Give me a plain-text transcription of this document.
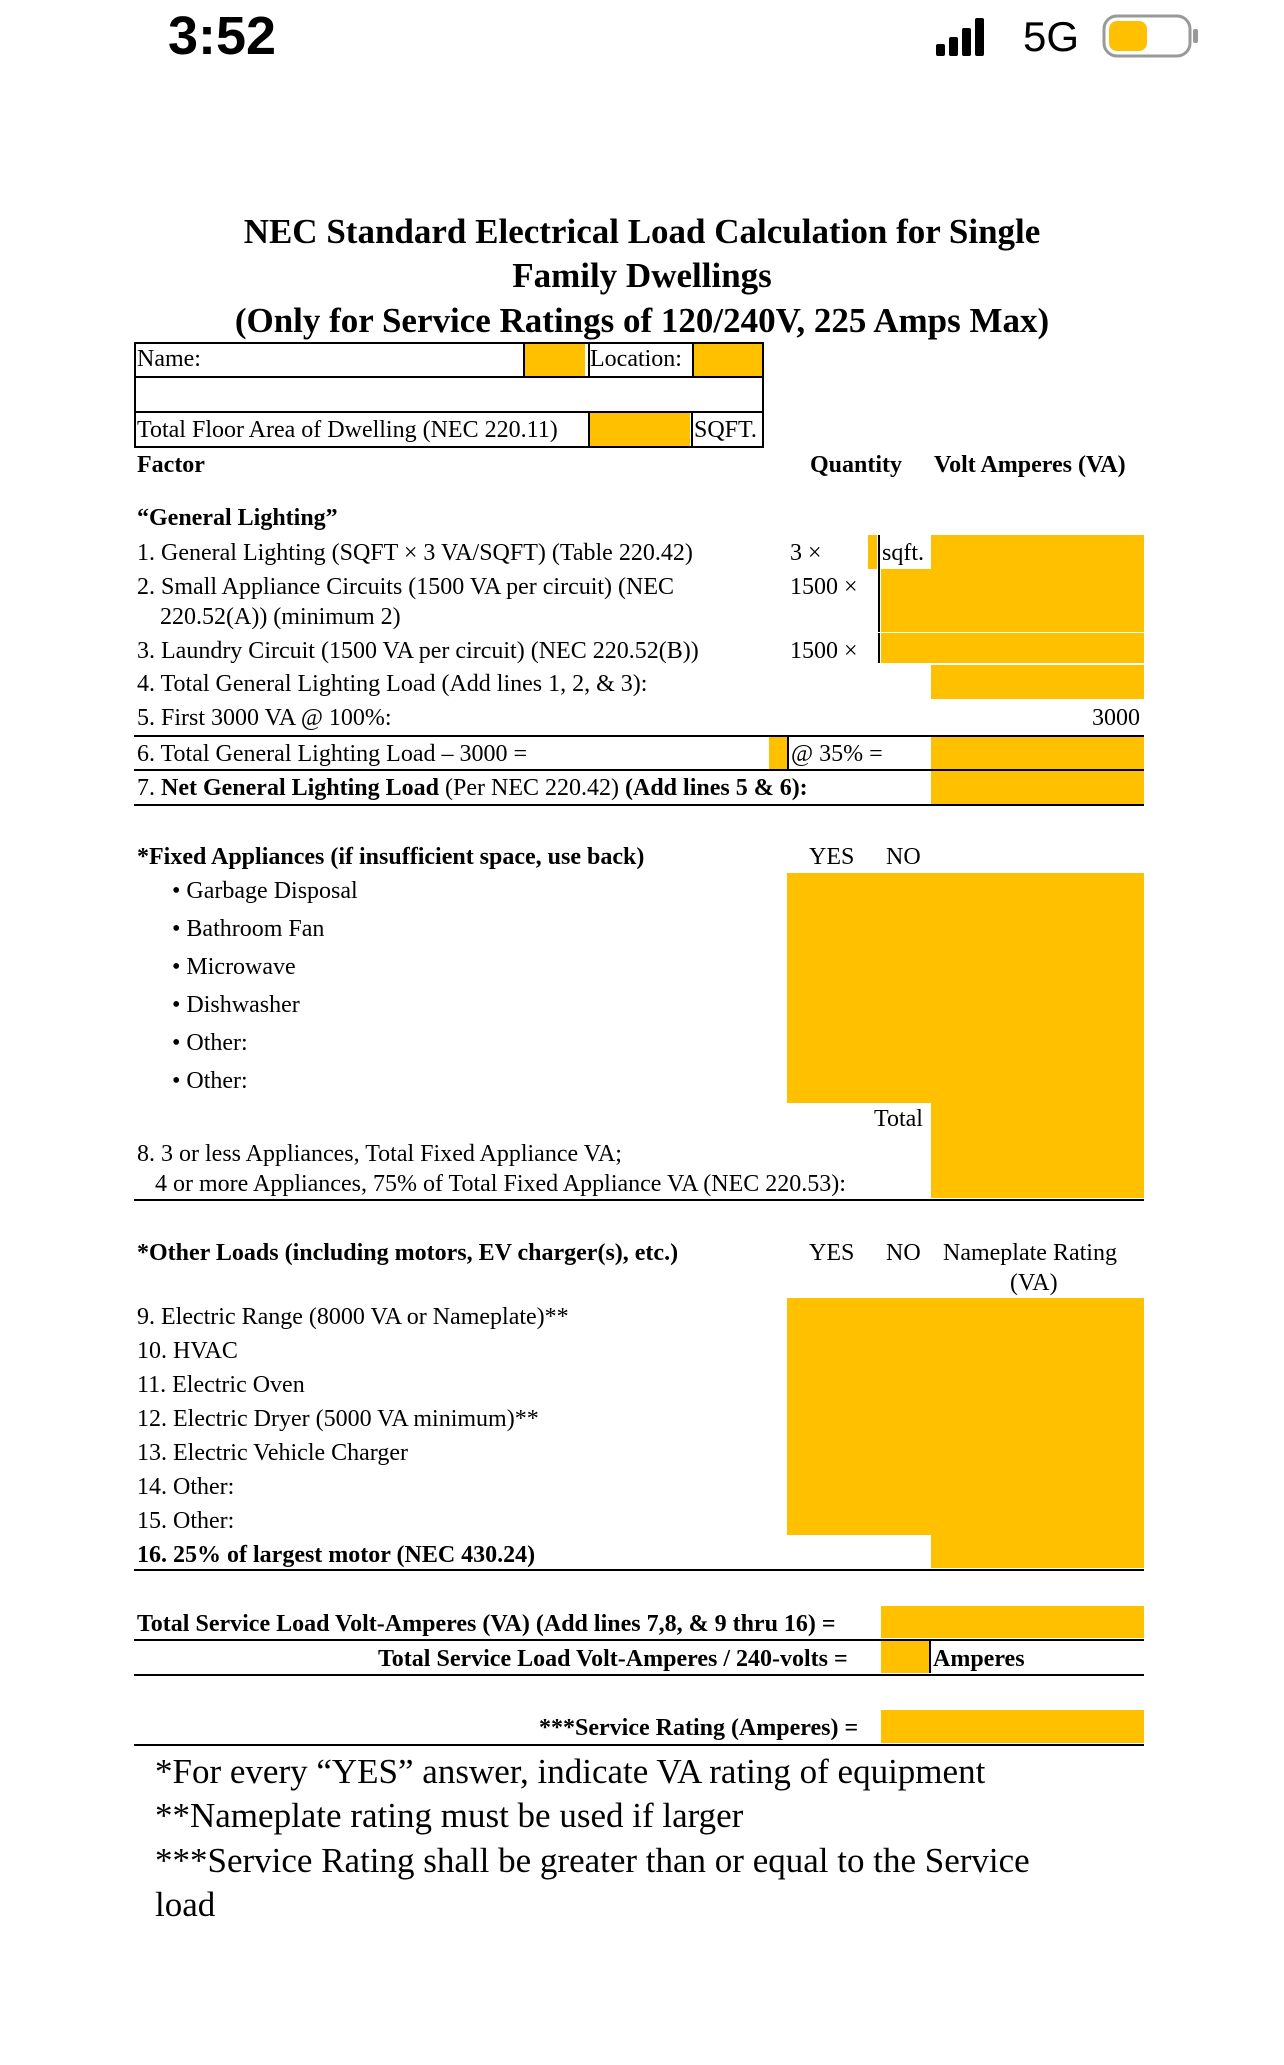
3:52	5G
NEC Standard Electrical Load Calculation for Single
Family Dwellings
(Only for Service Ratings of 120/240V, 225 Amps Max)
Name:	Location:
Total Floor Area of Dwelling (NEC 220.11)	SQFT.
Factor	Quantity Volt Amperes (VA)
“General Lighting”
1. General Lighting (SQFT × 3 VA/SQFT) (Table 220.42)	3 ×	sqft.
2. Small Appliance Circuits (1500 VA per circuit) (NEC
220.52(A)) (minimum 2)
1500 ×
3. Laundry Circuit (1500 VA per circuit) (NEC 220.52(B))	1500 ×
4. Total General Lighting Load (Add lines 1, 2, & 3):
5. First 3000 VA @ 100%:	3000
6. Total General Lighting Load – 3000 =	@ 35% =
7. Net General Lighting Load (Per NEC 220.42) (Add lines 5 & 6):
*Fixed Appliances (if insufficient space, use back)	YES NO
• Garbage Disposal
• Bathroom Fan
• Microwave
• Dishwasher
• Other:
• Other:
Total
8. 3 or less Appliances, Total Fixed Appliance VA;
4 or more Appliances, 75% of Total Fixed Appliance VA (NEC 220.53):
*Other Loads (including motors, EV charger(s), etc.)	YES NO Nameplate Rating
(VA)
9. Electric Range (8000 VA or Nameplate)**
10. HVAC
11. Electric Oven
12. Electric Dryer (5000 VA minimum)**
13. Electric Vehicle Charger
14. Other:
15. Other:
16. 25% of largest motor (NEC 430.24)
Total Service Load Volt-Amperes (VA) (Add lines 7,8, & 9 thru 16) =
Total Service Load Volt-Amperes / 240-volts =	Amperes
***Service Rating (Amperes) =
*For every “YES” answer, indicate VA rating of equipment
**Nameplate rating must be used if larger
***Service Rating shall be greater than or equal to the Service
load
